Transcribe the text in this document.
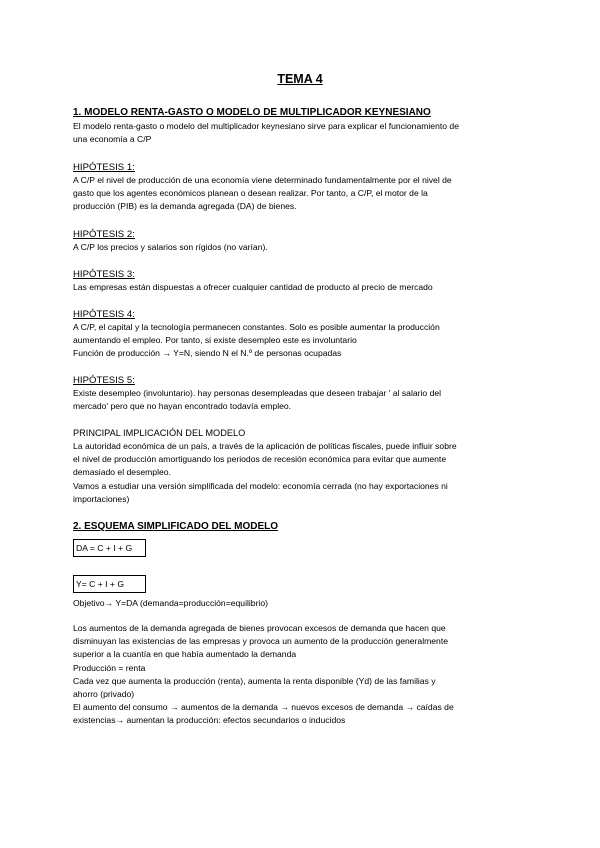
TEMA 4

1. MODELO RENTA-GASTO O MODELO DE MULTIPLICADOR KEYNESIANO

El modelo renta-gasto o modelo del multiplicador keynesiano sirve para explicar el funcionamiento de

una economía a C/P

HIPÓTESIS 1:

A C/P el nivel de producción de una economía viene determinado fundamentalmente por el nivel de

gasto que los agentes económicos planean o desean realizar. Por tanto, a C/P, el motor de la

producción (PIB) es la demanda agregada (DA) de bienes.

HIPÓTESIS 2:

A C/P los precios y salarios son rígidos (no varían).

HIPÓTESIS 3:

Las empresas están dispuestas a ofrecer cualquier cantidad de producto al precio de mercado

HIPÓTESIS 4:

A C/P, el capital y la tecnología permanecen constantes. Solo es posible aumentar la producción

aumentando el empleo. Por tanto, si existe desempleo este es involuntario

Función de producción → Y=N, siendo N el N.º de personas ocupadas

HIPÓTESIS 5:

Existe desempleo (involuntario). hay personas desempleadas que deseen trabajar ' al salario del

mercado' pero que no hayan encontrado todavía empleo.

PRINCIPAL IMPLICACIÓN DEL MODELO

La autoridad económica de un país, a través de la aplicación de políticas fiscales, puede influir sobre

el nivel de producción amortiguando los periodos de recesión económica para evitar que aumente

demasiado el desempleo.

Vamos a estudiar una versión simplificada del modelo: economía cerrada (no hay exportaciones ni

importaciones)

2. ESQUEMA SIMPLIFICADO DEL MODELO

DA = C + I + G
Y= C + I + G

Objetivo→ Y=DA (demanda=producción=equilibrio)

Los aumentos de la demanda agregada de bienes provocan excesos de demanda que hacen que

disminuyan las existencias de las empresas y provoca un aumento de la producción generalmente

superior a la cuantía en que había aumentado la demanda

Producción = renta

Cada vez que aumenta la producción (renta), aumenta la renta disponible (Yd) de las familias y

ahorro (privado)

El aumento del consumo → aumentos de la demanda → nuevos excesos de demanda → caídas de

existencias→ aumentan la producción: efectos secundarios o inducidos
